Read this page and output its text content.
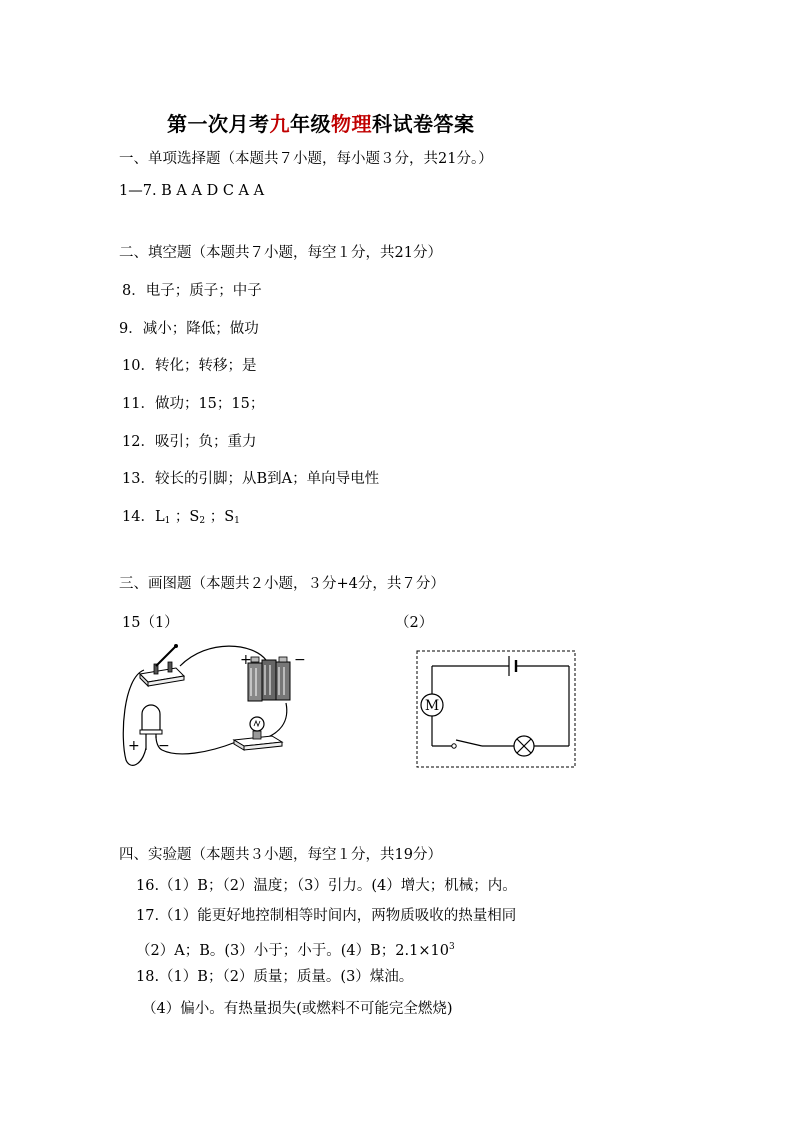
第一次月考九年级物理科试卷答案
一、单项选择题（本题共７小题，每小题３分，共21分。）
1—7. B A A D C A A
二、填空题（本题共７小题，每空１分，共21分）
8．电子；质子；中子
9．减小；降低；做功
10．转化；转移；是
11．做功；15；15；
12．吸引；负；重力
13．较长的引脚；从B到A；单向导电性
14．$L_1$ ；$S_2$ ；$S_1$
三、画图题（本题共２小题，３分+4分，共７分）
15（1）	（2）
+	−
+ −
M
四、实验题（本题共３小题，每空１分，共19分）
16.（1）B；（2）温度；（3）引力。(4）增大；机械；内。
17.（1）能更好地控制相等时间内，两物质吸收的热量相同
（2）A；B。(3）小于；小于。(4）B；$2.1\times 10^3$
18.（1）B；（2）质量；质量。(3）煤油。
（4）偏小。有热量损失(或燃料不可能完全燃烧)
